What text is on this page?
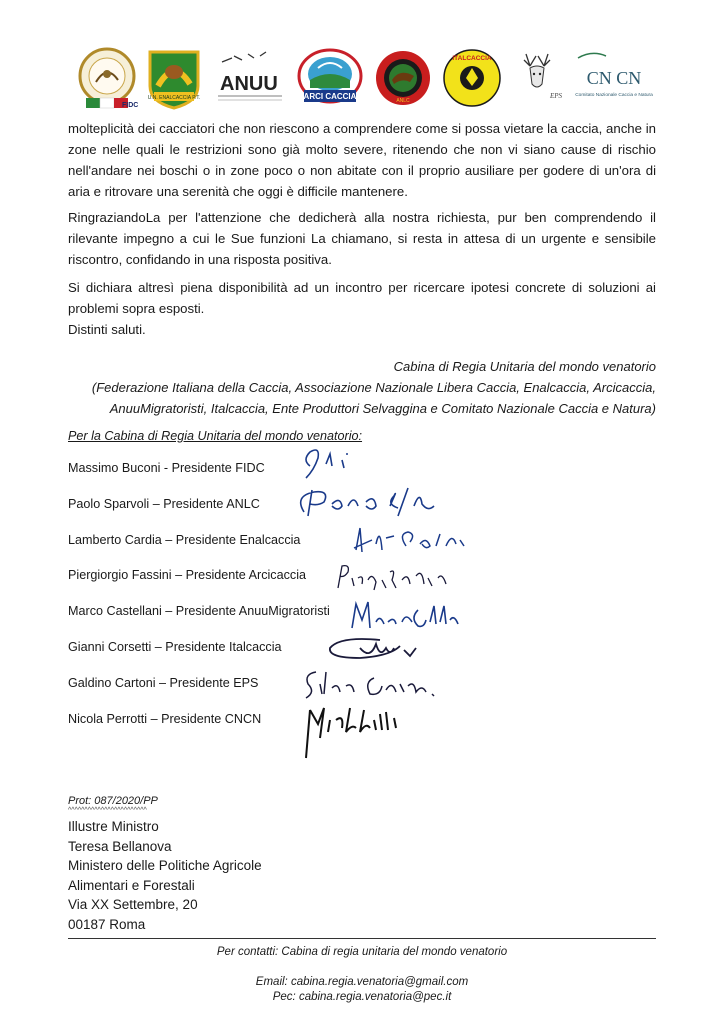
FIDC
U.N. ENALCACCIA P.T.
ANUU
ARCI CACCIA	ANLC
ITALCACCIA
EPS
CN CN
Comitato Nazionale Caccia e Natura

molteplicità dei cacciatori che non riescono a comprendere come si possa vietare la caccia, anche in zone nelle quali le restrizioni sono già molto severe, ritenendo che non vi siano cause di rischio nell'andare nei boschi o in zone poco o non abitate con il proprio ausiliare per godere di un'ora di aria e ritrovare una serenità che oggi è difficile mantenere.

RingraziandoLa per l'attenzione che dedicherà alla nostra richiesta, pur ben comprendendo il rilevante impegno a cui le Sue funzioni La chiamano, si resta in attesa di un urgente e sensibile riscontro, confidando in una risposta positiva.

Si dichiara altresì piena disponibilità ad un incontro per ricercare ipotesi concrete di soluzioni ai problemi sopra esposti.

Distinti saluti.

Cabina di Regia Unitaria del mondo venatorio
(Federazione Italiana della Caccia, Associazione Nazionale Libera Caccia, Enalcaccia, Arcicaccia,
AnuuMigratoristi, Italcaccia, Ente Produttori Selvaggina e Comitato Nazionale Caccia e Natura)
Per la Cabina di Regia Unitaria del mondo venatorio:
Massimo Buconi - Presidente FIDC
Paolo Sparvoli – Presidente ANLC
Lamberto Cardia – Presidente Enalcaccia
Piergiorgio Fassini – Presidente Arcicaccia
Marco Castellani – Presidente AnuuMigratoristi
Gianni Corsetti – Presidente Italcaccia
Galdino Cartoni – Presidente EPS
Nicola Perrotti – Presidente CNCN
Prot: 087/2020/PP
^^^^^^^^^^^^^^^^^^^^^^^^
Illustre Ministro
Teresa Bellanova
Ministero delle Politiche Agricole
Alimentari e Forestali
Via XX Settembre, 20
00187 Roma
Per contatti: Cabina di regia unitaria del mondo venatorio
Email: cabina.regia.venatoria@gmail.com
Pec: cabina.regia.venatoria@pec.it
